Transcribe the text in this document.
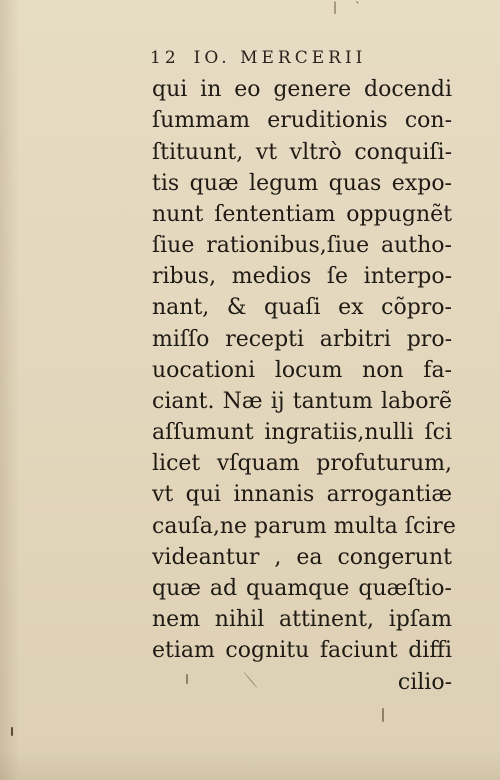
| `
12 IO. MERCERII
qui in eo genere docendi
ſummam eruditionis con-
ſtituunt, vt vltrò conquiſi-
tis quæ legum quas expo-
nunt ſententiam oppugnẽt
ſiue rationibus,ſiue autho-
ribus, medios ſe interpo-
nant, & quaſi ex cõpro-
miſſo recepti arbitri pro-
uocationi locum non fa-
ciant. Næ ij tantum laborẽ
aſſumunt ingratiis,nulli ſci
licet vſquam profuturum,
vt qui innanis arrogantiæ
cauſa,ne parum multa ſcire
videantur , ea congerunt
quæ ad quamque quæſtio-
nem nihil attinent, ipſam
etiam cognitu faciunt diffi
cilio-
